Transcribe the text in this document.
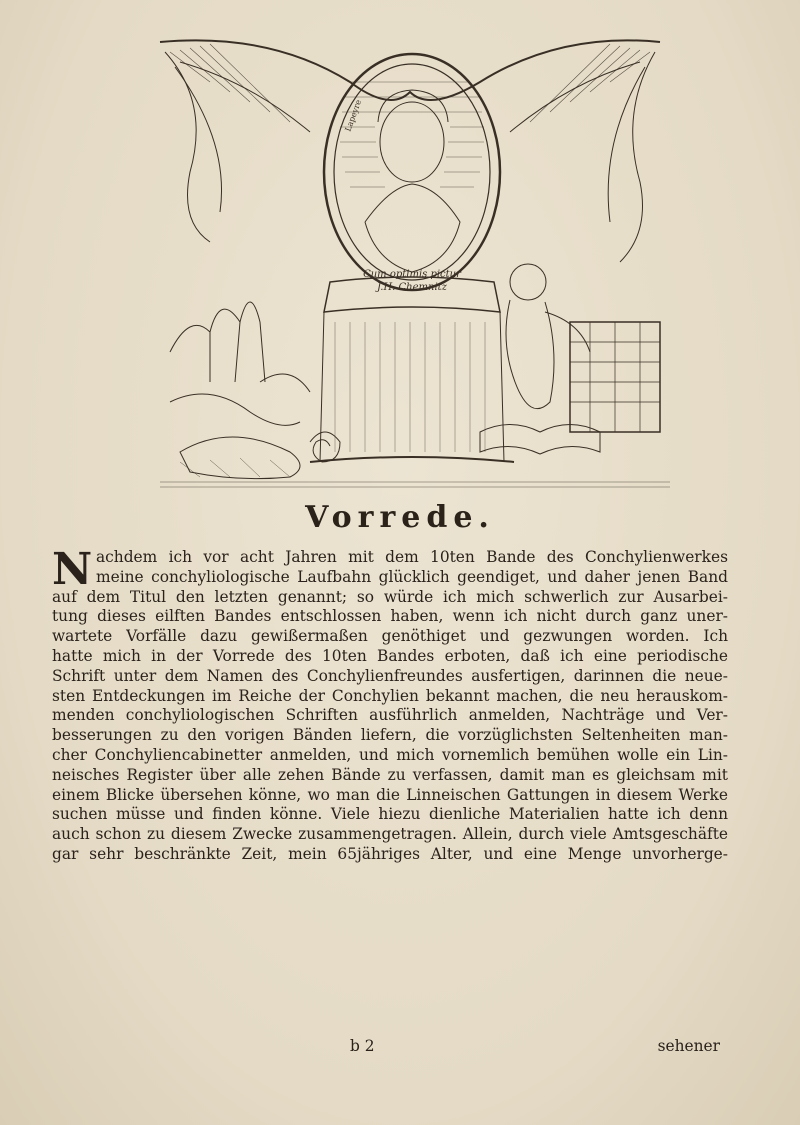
Cum optimis pictur
J.H. Chemnitz
Lapeyre
Vorrede.
N achdem ich vor acht Jahren mit dem 10ten Bande des Conchylienwerkes
meine conchyliologische Laufbahn glücklich geendiget, und daher jenen Band
auf dem Titul den letzten genannt; so würde ich mich schwerlich zur Ausarbei-
tung dieses eilften Bandes entschlossen haben, wenn ich nicht durch ganz uner-
wartete Vorfälle dazu gewißermaßen genöthiget und gezwungen worden. Ich
hatte mich in der Vorrede des 10ten Bandes erboten, daß ich eine periodische
Schrift unter dem Namen des Conchylienfreundes ausfertigen, darinnen die neue-
sten Entdeckungen im Reiche der Conchylien bekannt machen, die neu herauskom-
menden conchyliologischen Schriften ausführlich anmelden, Nachträge und Ver-
besserungen zu den vorigen Bänden liefern, die vorzüglichsten Seltenheiten man-
cher Conchyliencabinetter anmelden, und mich vornemlich bemühen wolle ein Lin-
neisches Register über alle zehen Bände zu verfassen, damit man es gleichsam mit
einem Blicke übersehen könne, wo man die Linneischen Gattungen in diesem Werke
suchen müsse und finden könne. Viele hiezu dienliche Materialien hatte ich denn
auch schon zu diesem Zwecke zusammengetragen. Allein, durch viele Amtsgeschäfte
gar sehr beschränkte Zeit, mein 65jähriges Alter, und eine Menge unvorherge-
b 2	sehener
